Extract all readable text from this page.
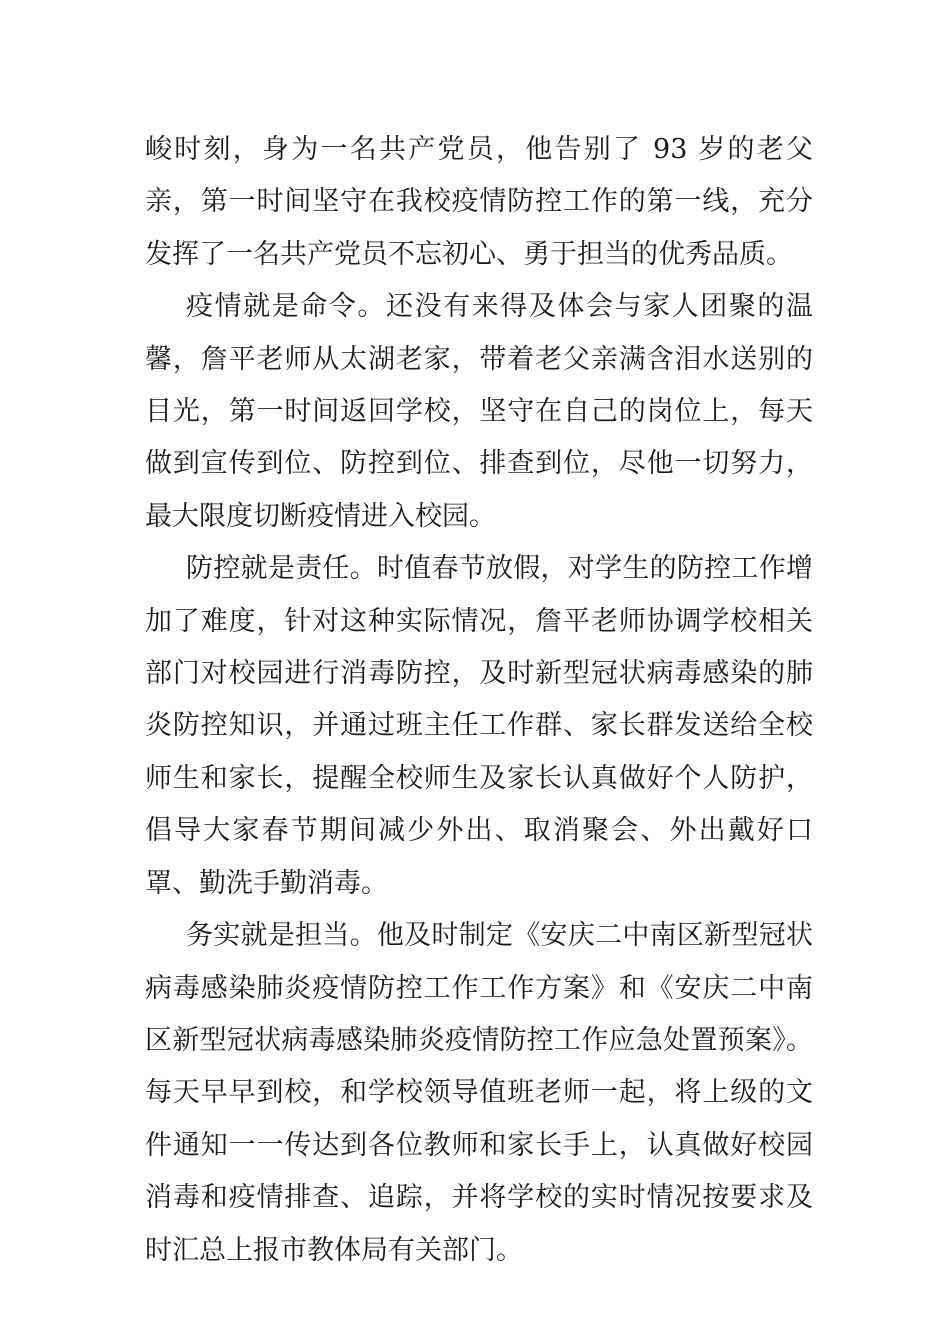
峻时刻，身为一名共产党员，他告别了 93 岁的老父亲，第一时间坚守在我校疫情防控工作的第一线，充分发挥了一名共产党员不忘初心、勇于担当的优秀品质。

疫情就是命令。还没有来得及体会与家人团聚的温馨，詹平老师从太湖老家，带着老父亲满含泪水送别的目光，第一时间返回学校，坚守在自己的岗位上，每天做到宣传到位、防控到位、排查到位，尽他一切努力，最大限度切断疫情进入校园。

防控就是责任。时值春节放假，对学生的防控工作增加了难度，针对这种实际情况，詹平老师协调学校相关部门对校园进行消毒防控，及时新型冠状病毒感染的肺炎防控知识，并通过班主任工作群、家长群发送给全校师生和家长，提醒全校师生及家长认真做好个人防护，倡导大家春节期间减少外出、取消聚会、外出戴好口罩、勤洗手勤消毒。

务实就是担当。他及时制定《安庆二中南区新型冠状病毒感染肺炎疫情防控工作工作方案》和《安庆二中南区新型冠状病毒感染肺炎疫情防控工作应急处置预案》。每天早早到校，和学校领导值班老师一起，将上级的文件通知一一传达到各位教师和家长手上，认真做好校园消毒和疫情排查、追踪，并将学校的实时情况按要求及时汇总上报市教体局有关部门。
